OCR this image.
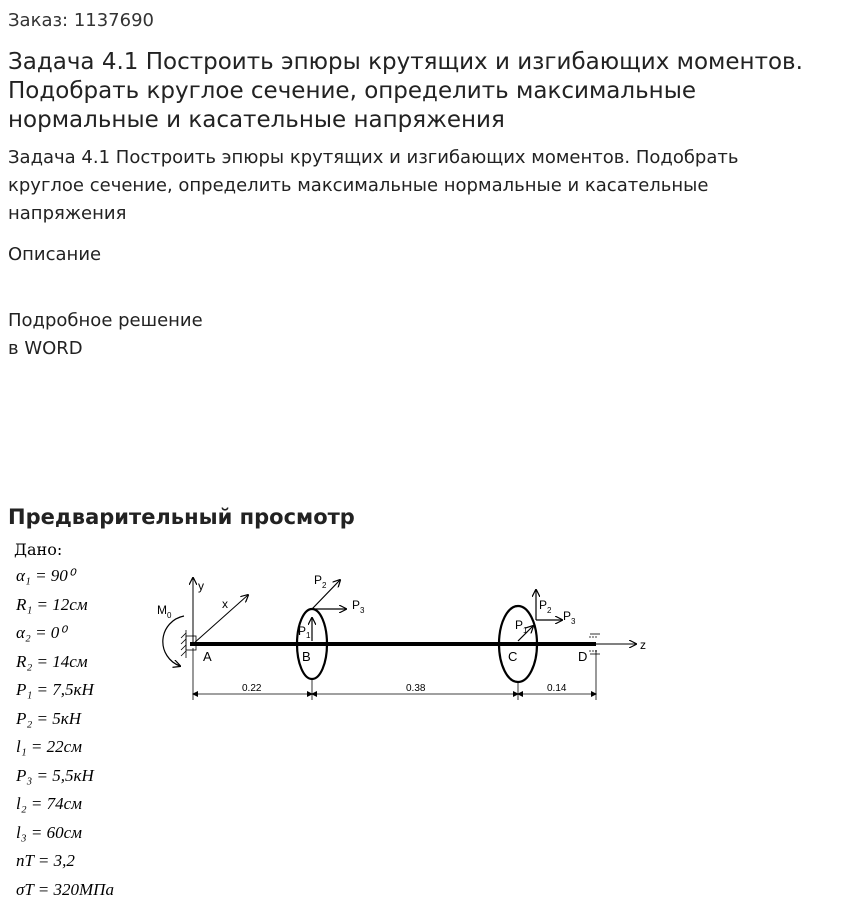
Заказ: 1137690
Задача 4.1 Построить эпюры крутящих и изгибающих моментов. Подобрать круглое сечение, определить максимальные нормальные и касательные напряжения
Задача 4.1 Построить эпюры крутящих и изгибающих моментов. Подобрать круглое сечение, определить максимальные нормальные и касательные напряжения
Описание
Подробное решение
в WORD
Предварительный просмотр
Дано:
α₁ = 90⁰
R₁ = 12см
α₂ = 0⁰
R₂ = 14см
P₁ = 7,5кН
P₂ = 5кН
l₁ = 22см
P₃ = 5,5кН
l₂ = 74см
l₃ = 60см
nT = 3,2
σT = 320МПа
M 0
y
x
z
A	B
P 1
P 2
P 3
C
P 1
P 2 P 3
D
0.22	0.38	0.14
